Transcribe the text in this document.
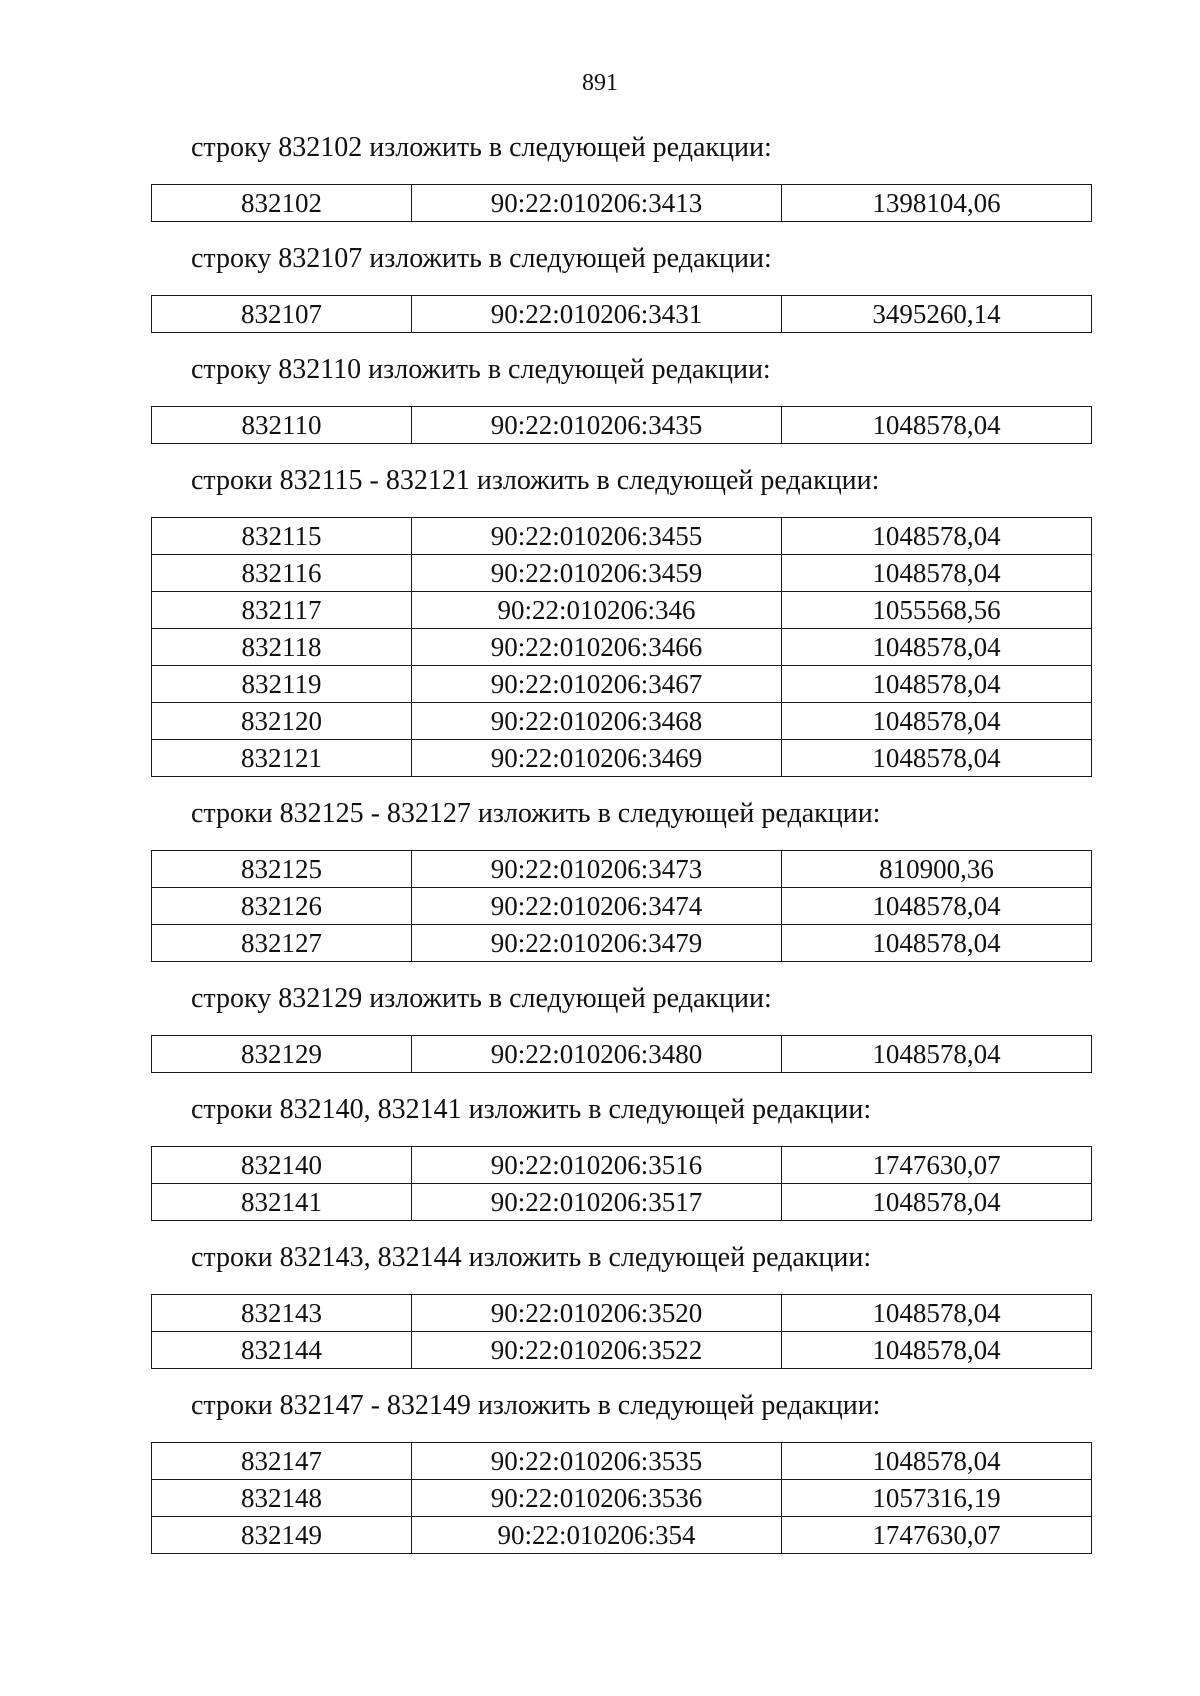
891
строку 832102 изложить в следующей редакции:
832102	90:22:010206:3413	1398104,06
строку 832107 изложить в следующей редакции:
832107	90:22:010206:3431	3495260,14
строку 832110 изложить в следующей редакции:
832110	90:22:010206:3435	1048578,04
строки 832115 - 832121 изложить в следующей редакции:
832115	90:22:010206:3455	1048578,04
832116	90:22:010206:3459	1048578,04
832117	90:22:010206:346	1055568,56
832118	90:22:010206:3466	1048578,04
832119	90:22:010206:3467	1048578,04
832120	90:22:010206:3468	1048578,04
832121	90:22:010206:3469	1048578,04
строки 832125 - 832127 изложить в следующей редакции:
832125	90:22:010206:3473	810900,36
832126	90:22:010206:3474	1048578,04
832127	90:22:010206:3479	1048578,04
строку 832129 изложить в следующей редакции:
832129	90:22:010206:3480	1048578,04
строки 832140, 832141 изложить в следующей редакции:
832140	90:22:010206:3516	1747630,07
832141	90:22:010206:3517	1048578,04
строки 832143, 832144 изложить в следующей редакции:
832143	90:22:010206:3520	1048578,04
832144	90:22:010206:3522	1048578,04
строки 832147 - 832149 изложить в следующей редакции:
832147	90:22:010206:3535	1048578,04
832148	90:22:010206:3536	1057316,19
832149	90:22:010206:354	1747630,07
